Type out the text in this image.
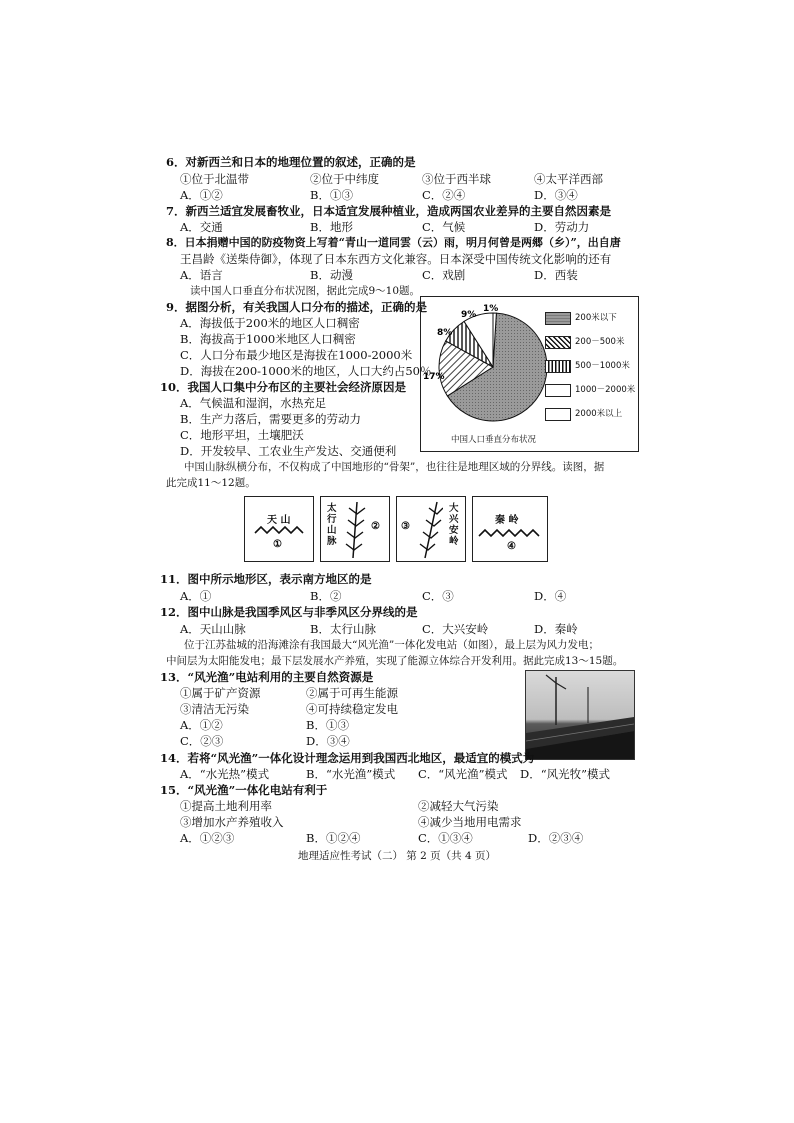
6．对新西兰和日本的地理位置的叙述，正确的是
①位于北温带	②位于中纬度	③位于西半球	④太平洋西部
A．①②	B．①③	C．②④	D．③④
7．新西兰适宜发展畜牧业，日本适宜发展种植业，造成两国农业差异的主要自然因素是
A．交通	B．地形	C．气候	D．劳动力
8．日本捐赠中国的防疫物资上写着“青山一道同雲（云）雨，明月何曾是两郷（乡）”，出自唐
王昌龄《送柴侍御》，体现了日本东西方文化兼容。日本深受中国传统文化影响的还有
A．语言	B．动漫	C．戏剧	D．西装
读中国人口垂直分布状况图，据此完成9～10题。
9．据图分析，有关我国人口分布的描述，正确的是
A．海拔低于200米的地区人口稠密
B．海拔高于1000米地区人口稠密
C．人口分布最少地区是海拔在1000-2000米
D．海拔在200-1000米的地区，人口大约占50％
10．我国人口集中分布区的主要社会经济原因是
A．气候温和湿润，水热充足
B．生产力落后，需要更多的劳动力
C．地形平坦，土壤肥沃
D．开发较早、工农业生产发达、交通便利
17%
8%
9%
1%
200米以下
200－500米
500－1000米
1000－2000米
2000米以上
中国人口垂直分布状况
中国山脉纵横分布，不仅构成了中国地形的“骨架”，也往往是地理区域的分界线。读图，据
此完成11～12题。
天 山
①
太行山脉
② ③
大兴安岭
秦 岭
④
11．图中所示地形区，表示南方地区的是
A．①	B．②	C．③	D．④
12．图中山脉是我国季风区与非季风区分界线的是
A．天山山脉	B．太行山脉	C．大兴安岭	D．秦岭
位于江苏盐城的沿海滩涂有我国最大“风光渔”一体化发电站（如图），最上层为风力发电；
中间层为太阳能发电；最下层发展水产养殖，实现了能源立体综合开发利用。据此完成13～15题。
13．“风光渔”电站利用的主要自然资源是
①属于矿产资源	②属于可再生能源
③清洁无污染	④可持续稳定发电
A．①②	B．①③
C．②③	D．③④
14．若将“风光渔”一体化设计理念运用到我国西北地区，最适宜的模式为
A．“水光热”模式	B．“水光渔”模式 C．“风光渔”模式 D．“风光牧”模式
15．“风光渔”一体化电站有利于
①提高土地利用率	②减轻大气污染
③增加水产养殖收入	④减少当地用电需求
A．①②③	B．①②④	C．①③④	D．②③④
地理适应性考试（二） 第 2 页（共 4 页）
